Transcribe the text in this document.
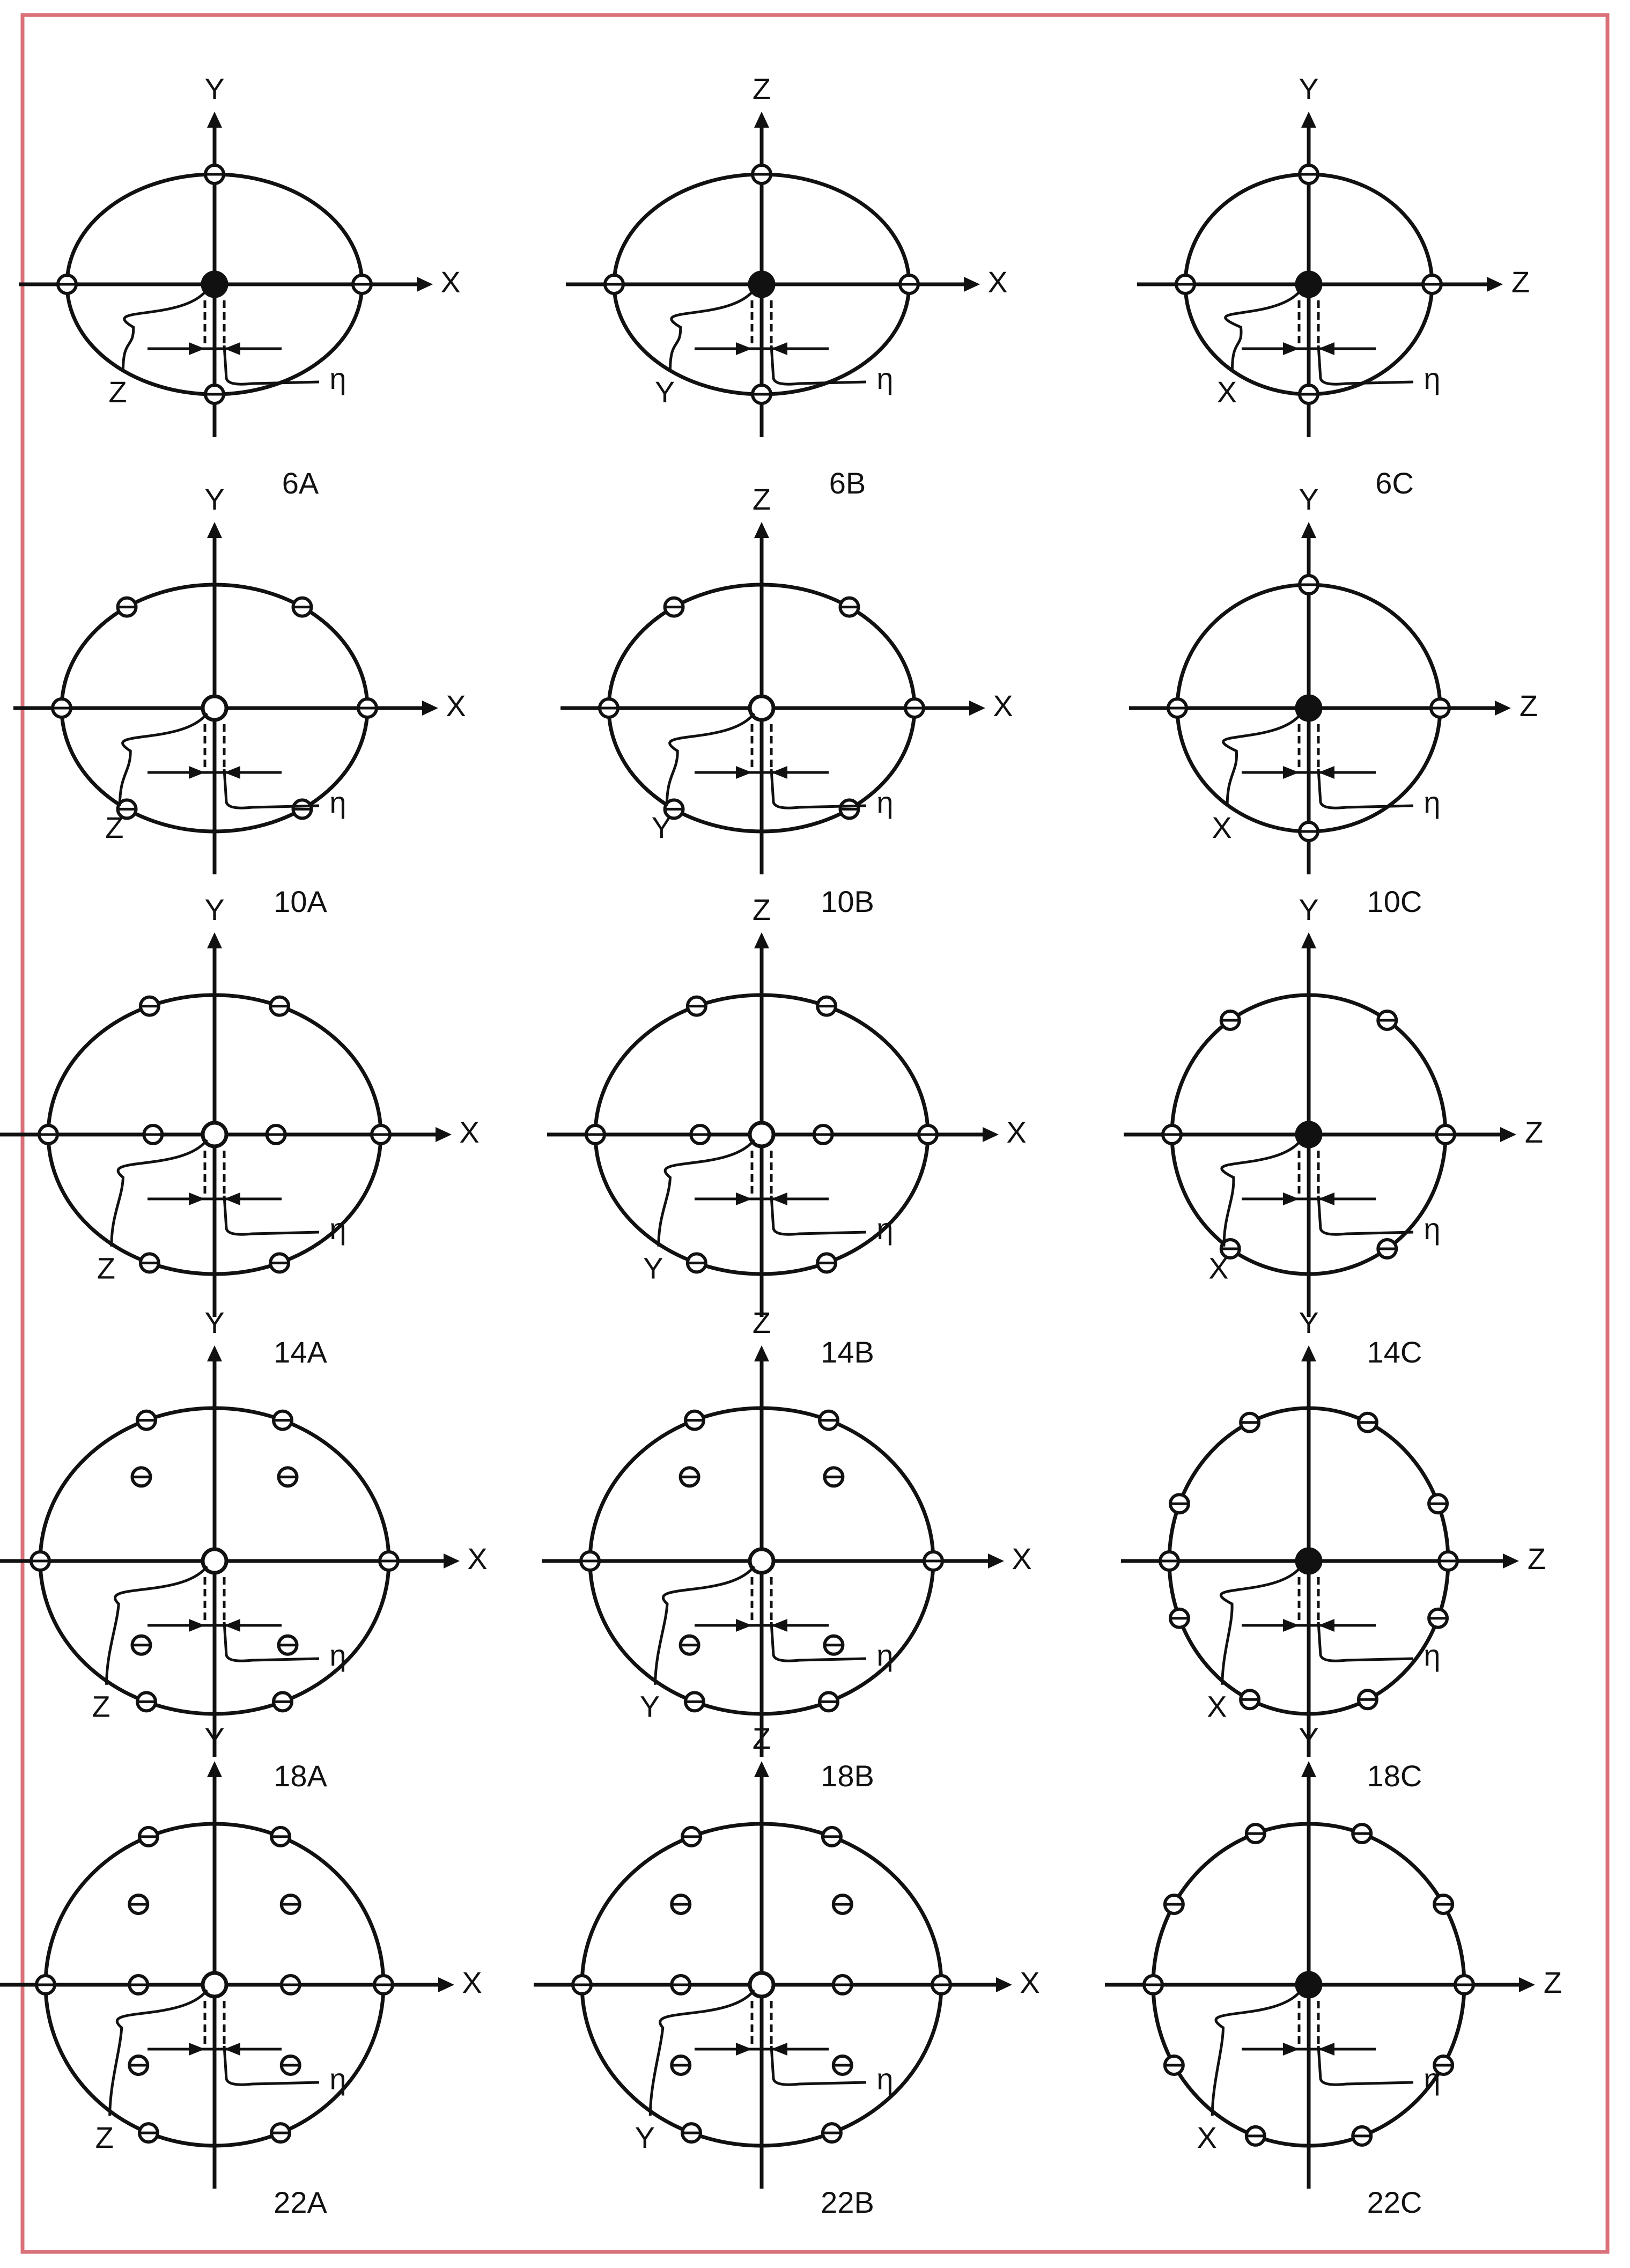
X
Y
η
Z
6A
X
Z
η
Y
6B
Z
Y
η
X
6C
X
Y
η
Z
10A
X
Z
η
Y
10B
Z
Y
η
X
10C
X
Y
η
Z
14A
X
Z
η
Y
14B
Z
Y
η
X
14C
X
Y
η
Z
18A
X
Z
η
Y
18B
Z
Y
η
X
18C
X
Y
η
Z
22A
X
Z
η
Y
22B
Z
Y
η
X
22C
